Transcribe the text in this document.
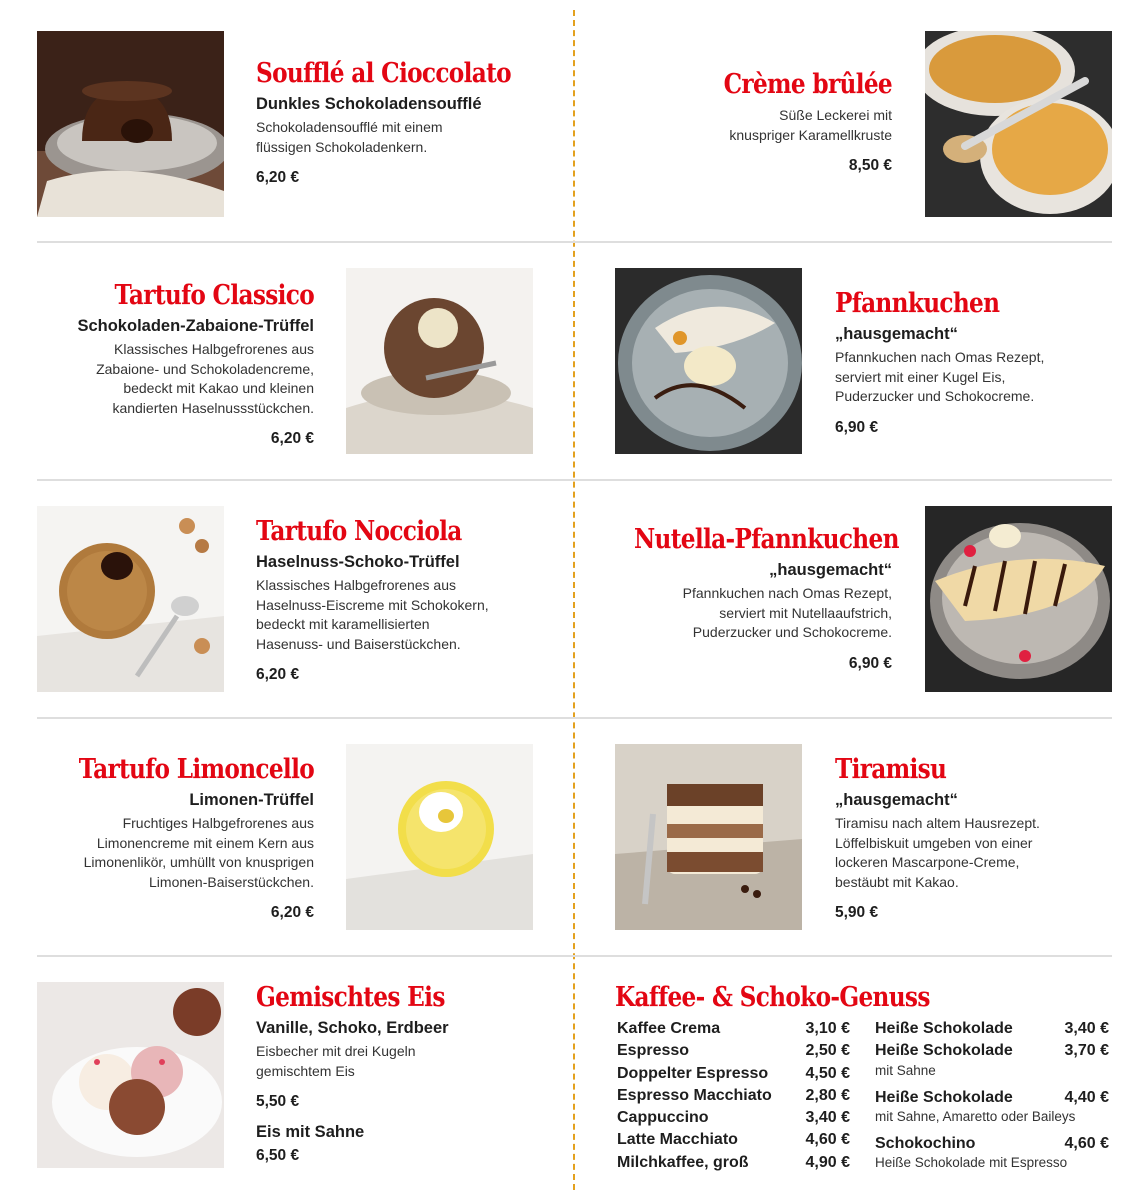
Soufflé al Cioccolato
Dunkles Schokoladensoufflé
Schokoladensoufflé mit einem
flüssigen Schokoladenkern.
6,20 €
Crème brûlée
Süße Leckerei mit
knuspriger Karamellkruste
8,50 €
Tartufo Classico
Schokoladen-Zabaione-Trüffel
Klassisches Halbgefrorenes aus
Zabaione- und Schokoladencreme,
bedeckt mit Kakao und kleinen
kandierten Haselnussstückchen.
6,20 €
Pfannkuchen
„hausgemacht“
Pfannkuchen nach Omas Rezept,
serviert mit einer Kugel Eis,
Puderzucker und Schokocreme.
6,90 €
Tartufo Nocciola
Haselnuss-Schoko-Trüffel
Klassisches Halbgefrorenes aus
Haselnuss-Eiscreme mit Schokokern,
bedeckt mit karamellisierten
Hasenuss- und Baiserstückchen.
6,20 €
Nutella-Pfannkuchen
„hausgemacht“
Pfannkuchen nach Omas Rezept,
serviert mit Nutellaaufstrich,
Puderzucker und Schokocreme.
6,90 €
Tartufo Limoncello
Limonen-Trüffel
Fruchtiges Halbgefrorenes aus
Limonencreme mit einem Kern aus
Limonenlikör, umhüllt von knusprigen
Limonen-Baiserstückchen.
6,20 €
Tiramisu
„hausgemacht“
Tiramisu nach altem Hausrezept.
Löffelbiskuit umgeben von einer
lockeren Mascarpone-Creme,
bestäubt mit Kakao.
5,90 €
Gemischtes Eis
Vanille, Schoko, Erdbeer
Eisbecher mit drei Kugeln
gemischtem Eis
5,50 €
Eis mit Sahne
6,50 €
Kaffee- & Schoko-Genuss
Kaffee Crema	3,10 €
Espresso	2,50 €
Doppelter Espresso 4,50 €
Espresso Macchiato 2,80 €
Cappuccino	3,40 €
Latte Macchiato	4,60 €
Milchkaffee, groß	4,90 €
Heiße Schokolade	3,40 €
Heiße Schokolade	3,70 €
mit Sahne
Heiße Schokolade	4,40 €
mit Sahne, Amaretto oder Baileys
Schokochino	4,60 €
Heiße Schokolade mit Espresso
